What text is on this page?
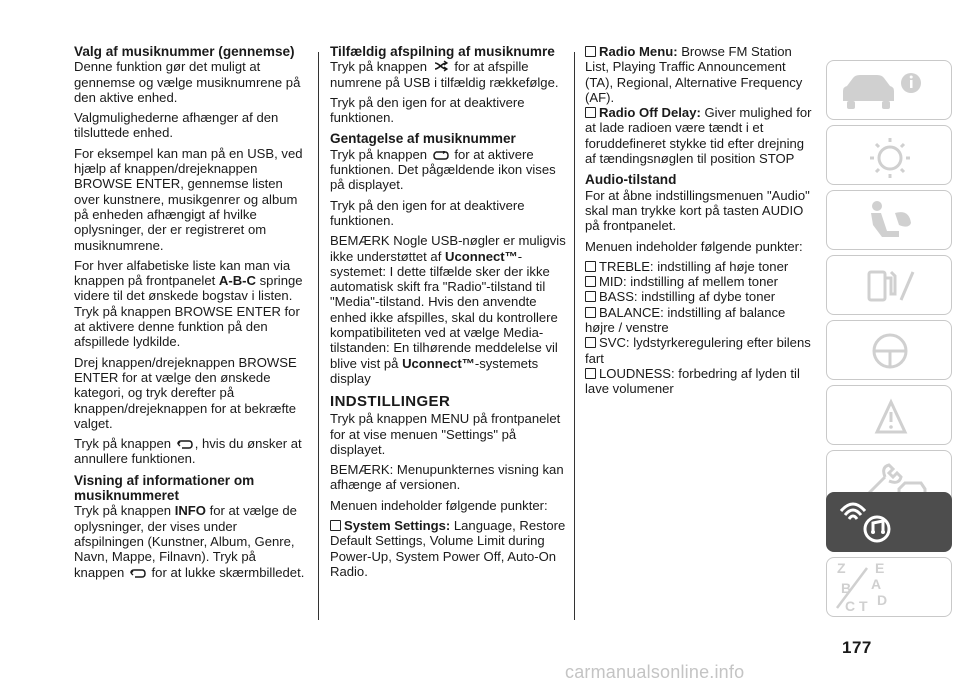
Valg af musiknummer (gennemse)

Denne funktion gør det muligt at gennemse og vælge musiknumrene på den aktive enhed.

Valgmulighederne afhænger af den tilsluttede enhed.

For eksempel kan man på en USB, ved hjælp af knappen/drejeknappen BROWSE ENTER, gennemse listen over kunstnere, musikgenrer og album på enheden afhængigt af hvilke oplysninger, der er registreret om musiknumrene.

For hver alfabetiske liste kan man via knappen på frontpanelet A-B-C springe videre til det ønskede bogstav i listen. Tryk på knappen BROWSE ENTER for at aktivere denne funktion på den afspillede lydkilde.

Drej knappen/drejeknappen BROWSE ENTER for at vælge den ønskede kategori, og tryk derefter på knappen/drejeknappen for at bekræfte valget.

Tryk på knappen , hvis du ønsker at annullere funktionen.

Visning af informationer om musiknummeret

Tryk på knappen INFO for at vælge de oplysninger, der vises under afspilningen (Kunstner, Album, Genre, Navn, Mappe, Filnavn). Tryk på knappen  for at lukke skærmbilledet.

Tilfældig afspilning af musiknumre

Tryk på knappen  for at afspille numrene på USB i tilfældig rækkefølge.

Tryk på den igen for at deaktivere funktionen.

Gentagelse af musiknummer

Tryk på knappen  for at aktivere funktionen. Det pågældende ikon vises på displayet.

Tryk på den igen for at deaktivere funktionen.

BEMÆRK Nogle USB-nøgler er muligvis ikke understøttet af Uconnect™-systemet: I dette tilfælde sker der ikke automatisk skift fra "Radio"-tilstand til "Media"-tilstand. Hvis den anvendte enhed ikke afspilles, skal du kontrollere kompatibiliteten ved at vælge Media-tilstanden: En tilhørende meddelelse vil blive vist på Uconnect™-systemets display

INDSTILLINGER

Tryk på knappen MENU på frontpanelet for at vise menuen "Settings" på displayet.

BEMÆRK: Menupunkternes visning kan afhænge af versionen.

Menuen indeholder følgende punkter:

System Settings: Language, Restore Default Settings, Volume Limit during Power-Up, System Power Off, Auto-On Radio.
Radio Menu: Browse FM Station List, Playing Traffic Announcement (TA), Regional, Alternative Frequency (AF).
Radio Off Delay: Giver mulighed for at lade radioen være tændt i et foruddefineret stykke tid efter drejning af tændingsnøglen til position STOP
Audio-tilstand

For at åbne indstillingsmenuen "Audio" skal man trykke kort på tasten AUDIO på frontpanelet.

Menuen indeholder følgende punkter:

TREBLE: indstilling af høje toner
MID: indstilling af mellem toner
BASS: indstilling af dybe toner
BALANCE: indstilling af balance højre / venstre
SVC: lydstyrkeregulering efter bilens fart
LOUDNESS: forbedring af lyden til lave volumener
Z E
B A
C T D
177
carmanualsonline.info
